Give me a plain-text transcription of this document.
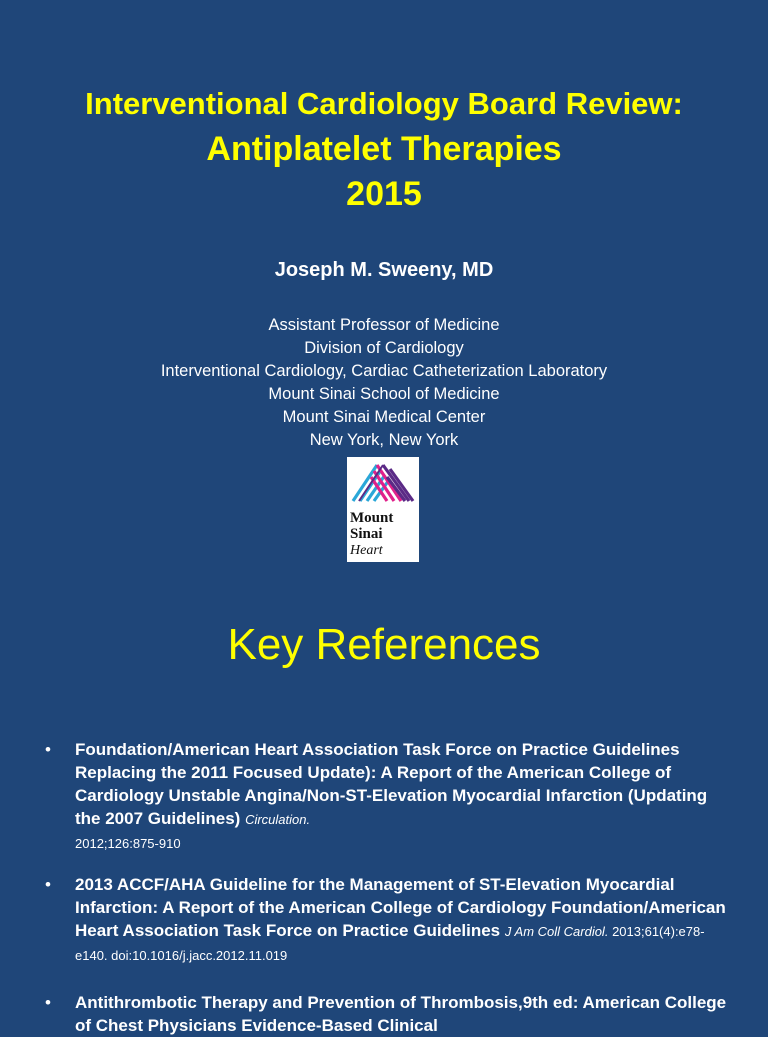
Interventional Cardiology Board Review:
Antiplatelet Therapies
2015
Joseph M. Sweeny, MD
Assistant Professor of Medicine
Division of Cardiology
Interventional Cardiology, Cardiac Catheterization Laboratory
Mount Sinai School of Medicine
Mount Sinai Medical Center
New York, New York
Mount
Sinai
Heart
Key References
• Foundation/American Heart Association Task Force on Practice Guidelines Replacing the 2011 Focused Update): A Report of the American College of Cardiology Unstable Angina/Non-ST-Elevation Myocardial Infarction (Updating the 2007 Guidelines) Circulation.
2012;126:875-910
• 2013 ACCF/AHA Guideline for the Management of ST-Elevation Myocardial Infarction: A Report of the American College of Cardiology Foundation/American Heart Association Task Force on Practice Guidelines J Am Coll Cardiol. 2013;61(4):e78-e140. doi:10.1016/j.jacc.2012.11.019
• Antithrombotic Therapy and Prevention of Thrombosis,9th ed: American College of Chest Physicians Evidence-Based Clinical
